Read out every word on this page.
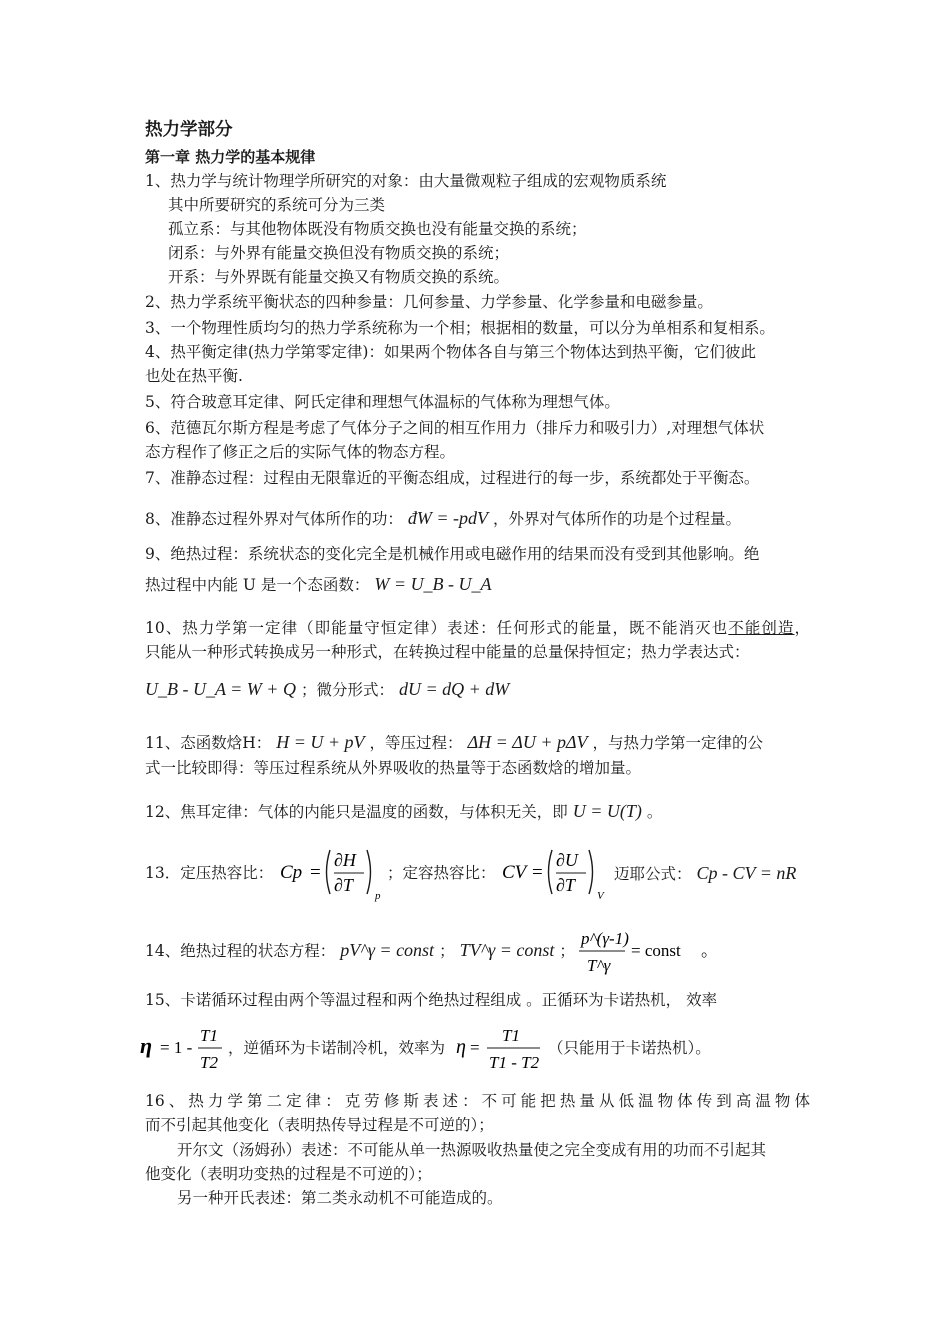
热力学部分
第一章 热力学的基本规律
1、热力学与统计物理学所研究的对象：由大量微观粒子组成的宏观物质系统
其中所要研究的系统可分为三类
孤立系：与其他物体既没有物质交换也没有能量交换的系统；
闭系：与外界有能量交换但没有物质交换的系统；
开系：与外界既有能量交换又有物质交换的系统。
2、热力学系统平衡状态的四种参量：几何参量、力学参量、化学参量和电磁参量。
3、一个物理性质均匀的热力学系统称为一个相；根据相的数量，可以分为单相系和复相系。
4、热平衡定律(热力学第零定律)：如果两个物体各自与第三个物体达到热平衡，它们彼此
也处在热平衡.
5、符合玻意耳定律、阿氏定律和理想气体温标的气体称为理想气体。
6、范德瓦尔斯方程是考虑了气体分子之间的相互作用力（排斥力和吸引力）,对理想气体状
态方程作了修正之后的实际气体的物态方程。
7、准静态过程：过程由无限靠近的平衡态组成，过程进行的每一步，系统都处于平衡态。
8、准静态过程外界对气体所作的功： đW = -pdV ，外界对气体所作的功是个过程量。
9、绝热过程：系统状态的变化完全是机械作用或电磁作用的结果而没有受到其他影响。绝
热过程中内能 U 是一个态函数： W = U_B - U_A
10、热力学第一定律（即能量守恒定律）表述：任何形式的能量，既不能消灭也不能创造，
只能从一种形式转换成另一种形式，在转换过程中能量的总量保持恒定；热力学表达式：
U_B - U_A = W + Q ；微分形式： dU = dQ + dW
11、态函数焓H： H = U + pV ，等压过程： ΔH = ΔU + pΔV ，与热力学第一定律的公
式一比较即得：等压过程系统从外界吸收的热量等于态函数焓的增加量。
12、焦耳定律：气体的内能只是温度的函数，与体积无关，即 U = U(T) 。
13．定压热容比： Cp =
∂H
∂T
p
；定容热容比： CV =
∂U
∂T
V
迈耶公式： Cp - CV = nR
14、绝热过程的状态方程： pV^γ = const ； TV^γ = const ；
p^(γ-1)
T^γ
= const 。
15、卡诺循环过程由两个等温过程和两个绝热过程组成 。正循环为卡诺热机， 效率
η = 1 -
T1
T2
，逆循环为卡诺制冷机，效率为 η =
T1
T1 - T2
（只能用于卡诺热机）。
16、热力学第二定律：克劳修斯表述：不可能把热量从低温物体传到高温物体
而不引起其他变化（表明热传导过程是不可逆的）；
开尔文（汤姆孙）表述：不可能从单一热源吸收热量使之完全变成有用的功而不引起其
他变化（表明功变热的过程是不可逆的）；
另一种开氏表述：第二类永动机不可能造成的。
